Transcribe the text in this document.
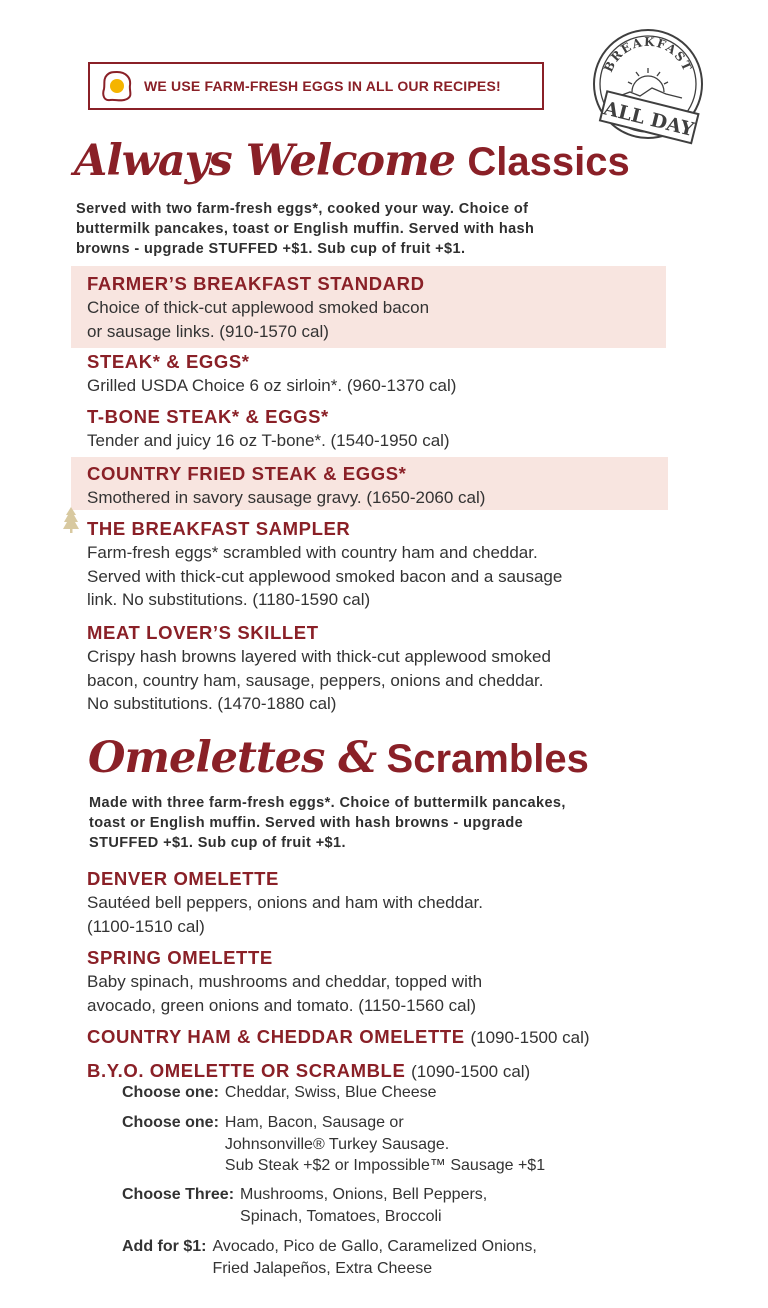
WE USE FARM-FRESH EGGS IN ALL OUR RECIPES!
BREAKFAST
ALL DAY
Always Welcome Classics
Served with two farm-fresh eggs*, cooked your way. Choice of
buttermilk pancakes, toast or English muffin. Served with hash
browns - upgrade STUFFED +$1. Sub cup of fruit +$1.
FARMER’S BREAKFAST STANDARD
Choice of thick-cut applewood smoked bacon
or sausage links. (910-1570 cal)
STEAK* & EGGS*
Grilled USDA Choice 6 oz sirloin*. (960-1370 cal)
T-BONE STEAK* & EGGS*
Tender and juicy 16 oz T-bone*. (1540-1950 cal)
COUNTRY FRIED STEAK & EGGS*
Smothered in savory sausage gravy. (1650-2060 cal)
THE BREAKFAST SAMPLER
Farm-fresh eggs* scrambled with country ham and cheddar.
Served with thick-cut applewood smoked bacon and a sausage
link. No substitutions. (1180-1590 cal)
MEAT LOVER’S SKILLET
Crispy hash browns layered with thick-cut applewood smoked
bacon, country ham, sausage, peppers, onions and cheddar.
No substitutions. (1470-1880 cal)
Omelettes & Scrambles
Made with three farm-fresh eggs*. Choice of buttermilk pancakes,
toast or English muffin. Served with hash browns - upgrade
STUFFED +$1. Sub cup of fruit +$1.
DENVER OMELETTE
Sautéed bell peppers, onions and ham with cheddar.
(1100-1510 cal)
SPRING OMELETTE
Baby spinach, mushrooms and cheddar, topped with
avocado, green onions and tomato. (1150-1560 cal)
COUNTRY HAM & CHEDDAR OMELETTE (1090-1500 cal)
B.Y.O. OMELETTE OR SCRAMBLE (1090-1500 cal)
Choose one: Cheddar, Swiss, Blue Cheese
Choose one: Ham, Bacon, Sausage or
Johnsonville® Turkey Sausage.
Sub Steak +$2 or Impossible™ Sausage +$1
Choose Three: Mushrooms, Onions, Bell Peppers,
Spinach, Tomatoes, Broccoli
Add for $1: Avocado, Pico de Gallo, Caramelized Onions,
Fried Jalapeños, Extra Cheese
